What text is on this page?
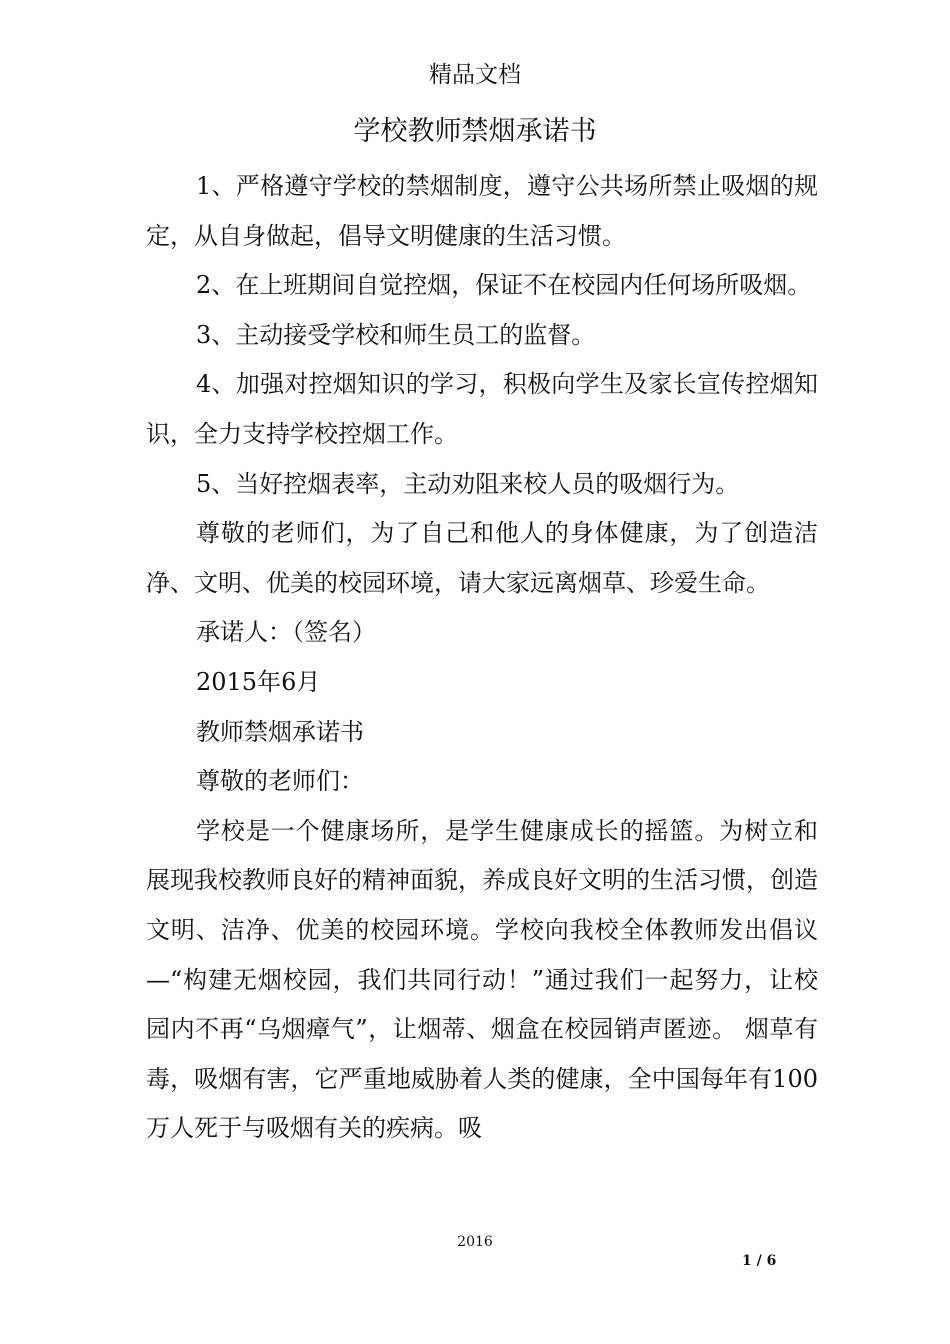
精品文档
学校教师禁烟承诺书

1、严格遵守学校的禁烟制度，遵守公共场所禁止吸烟的规定，从自身做起，倡导文明健康的生活习惯。

2、在上班期间自觉控烟，保证不在校园内任何场所吸烟。

3、主动接受学校和师生员工的监督。

4、加强对控烟知识的学习，积极向学生及家长宣传控烟知识，全力支持学校控烟工作。

5、当好控烟表率，主动劝阻来校人员的吸烟行为。

尊敬的老师们，为了自己和他人的身体健康，为了创造洁净、文明、优美的校园环境，请大家远离烟草、珍爱生命。

承诺人：（签名）

2015年6月

教师禁烟承诺书

尊敬的老师们：

学校是一个健康场所，是学生健康成长的摇篮。为树立和展现我校教师良好的精神面貌，养成良好文明的生活习惯，创造文明、洁净、优美的校园环境。学校向我校全体教师发出倡议—“构建无烟校园，我们共同行动！”通过我们一起努力，让校园内不再“乌烟瘴气”，让烟蒂、烟盒在校园销声匿迹。 烟草有毒，吸烟有害，它严重地威胁着人类的健康，全中国每年有100万人死于与吸烟有关的疾病。吸

2016
1 / 6
